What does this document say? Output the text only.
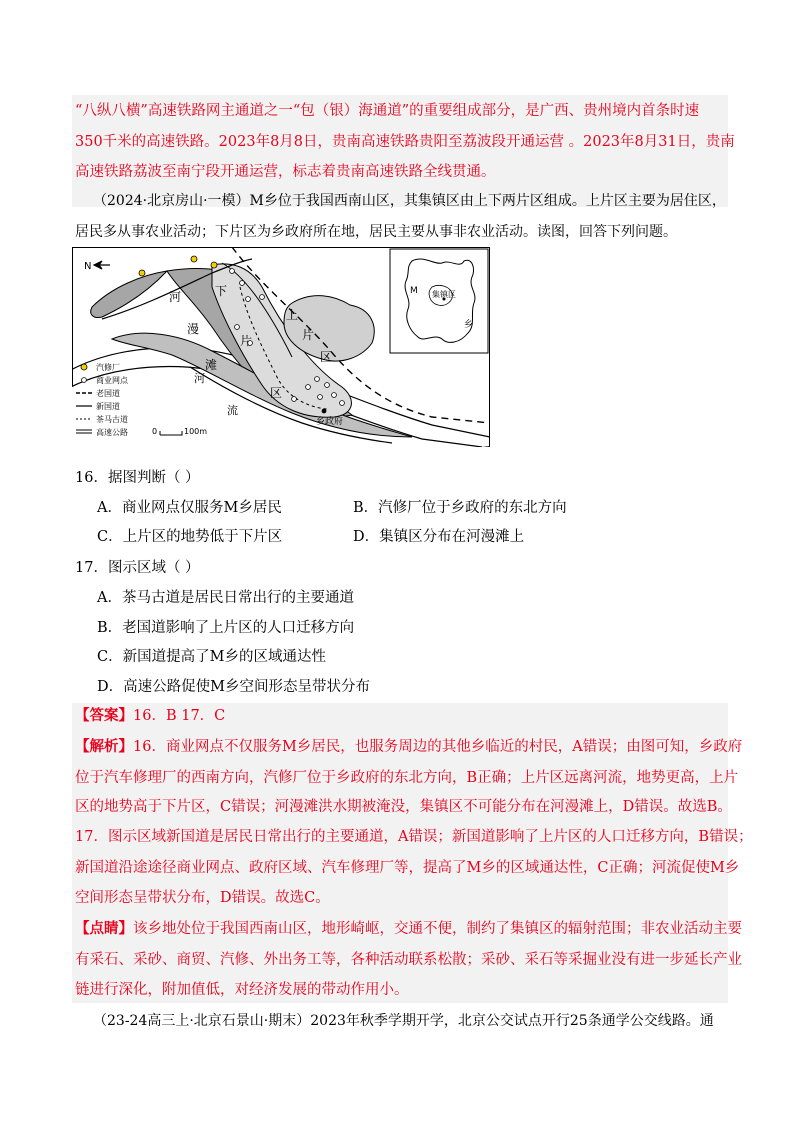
“八纵八横”高速铁路网主通道之一“包（银）海通道”的重要组成部分，是广西、贵州境内首条时速
350千米的高速铁路。2023年8月8日，贵南高速铁路贵阳至荔波段开通运营 。2023年8月31日，贵南
高速铁路荔波至南宁段开通运营，标志着贵南高速铁路全线贯通。
（2024·北京房山·一模）M乡位于我国西南山区，其集镇区由上下两片区组成。上片区主要为居住区，
居民多从事农业活动；下片区为乡政府所在地，居民主要从事非农业活动。读图，回答下列问题。
河
漫
滩
河
流
下
片
区
上
片
区
乡政府
N
汽修厂
商业网点
老国道
新国道
茶马古道
高速公路	0	100m
M 集镇区
乡
16．据图判断（ ）
A．商业网点仅服务M乡居民	B．汽修厂位于乡政府的东北方向
C．上片区的地势低于下片区	D．集镇区分布在河漫滩上
17．图示区域（ ）
A．茶马古道是居民日常出行的主要通道
B．老国道影响了上片区的人口迁移方向
C．新国道提高了M乡的区域通达性
D．高速公路促使M乡空间形态呈带状分布
【答案】16．B 17．C
【解析】16．商业网点不仅服务M乡居民，也服务周边的其他乡临近的村民，A错误；由图可知，乡政府
位于汽车修理厂的西南方向，汽修厂位于乡政府的东北方向，B正确；上片区远离河流，地势更高，上片
区的地势高于下片区，C错误；河漫滩洪水期被淹没，集镇区不可能分布在河漫滩上，D错误。故选B。
17．图示区域新国道是居民日常出行的主要通道，A错误；新国道影响了上片区的人口迁移方向，B错误；
新国道沿途途径商业网点、政府区域、汽车修理厂等，提高了M乡的区域通达性，C正确；河流促使M乡
空间形态呈带状分布，D错误。故选C。
【点睛】该乡地处位于我国西南山区，地形崎岖，交通不便，制约了集镇区的辐射范围；非农业活动主要
有采石、采砂、商贸、汽修、外出务工等，各种活动联系松散；采砂、采石等采掘业没有进一步延长产业
链进行深化，附加值低，对经济发展的带动作用小。
（23-24高三上·北京石景山·期末）2023年秋季学期开学，北京公交试点开行25条通学公交线路。通
